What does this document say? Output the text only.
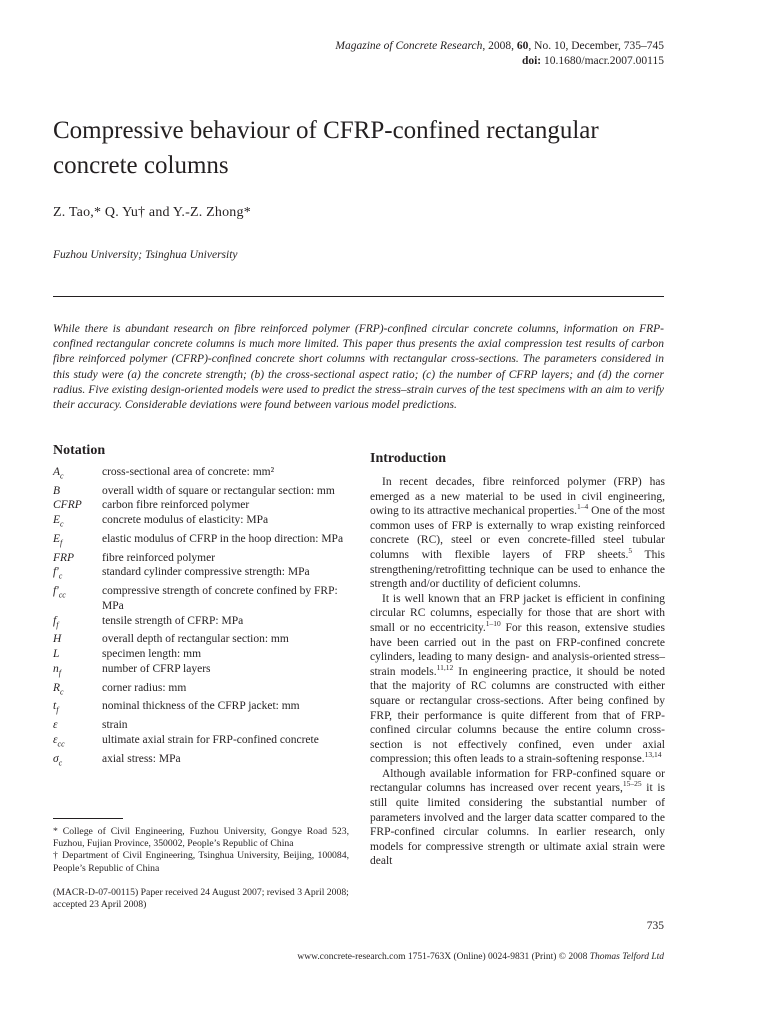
Magazine of Concrete Research, 2008, 60, No. 10, December, 735–745
doi: 10.1680/macr.2007.00115
Compressive behaviour of CFRP-confined rectangular concrete columns
Z. Tao,* Q. Yu† and Y.-Z. Zhong*
Fuzhou University; Tsinghua University

While there is abundant research on fibre reinforced polymer (FRP)-confined circular concrete columns, information on FRP-confined rectangular concrete columns is much more limited. This paper thus presents the axial compression test results of carbon fibre reinforced polymer (CFRP)-confined concrete short columns with rectangular cross-sections. The parameters considered in this study were (a) the concrete strength; (b) the cross-sectional aspect ratio; (c) the number of CFRP layers; and (d) the corner radius. Five existing design-oriented models were used to predict the stress–strain curves of the test specimens with an aim to verify their accuracy. Considerable deviations were found between various model predictions.

Notation
$A_c$	cross-sectional area of concrete: mm²
B	overall width of square or rectangular section: mm
CFRP	carbon fibre reinforced polymer
$E_c$	concrete modulus of elasticity: MPa
$E_f$	elastic modulus of CFRP in the hoop direction: MPa
FRP	fibre reinforced polymer
$f'_c$	standard cylinder compressive strength: MPa
$f'_{cc}$	compressive strength of concrete confined by FRP: MPa
$f_f$	tensile strength of CFRP: MPa
H	overall depth of rectangular section: mm
L	specimen length: mm
$n_f$	number of CFRP layers
$R_c$	corner radius: mm
$t_f$	nominal thickness of the CFRP jacket: mm
ε	strain
$\varepsilon_{cc}$	ultimate axial strain for FRP-confined concrete
$\sigma_c$	axial stress: MPa

* College of Civil Engineering, Fuzhou University, Gongye Road 523, Fuzhou, Fujian Province, 350002, People’s Republic of China

† Department of Civil Engineering, Tsinghua University, Beijing, 100084, People’s Republic of China

(MACR-D-07-00115) Paper received 24 August 2007; revised 3 April 2008; accepted 23 April 2008)

Introduction

In recent decades, fibre reinforced polymer (FRP) has emerged as a new material to be used in civil engineering, owing to its attractive mechanical properties.$^{1-4}$ One of the most common uses of FRP is externally to wrap existing reinforced concrete (RC), steel or even concrete-filled steel tubular columns with flexible layers of FRP sheets.$^5$ This strengthening/retrofitting technique can be used to enhance the strength and/or ductility of deficient columns.

It is well known that an FRP jacket is efficient in confining circular RC columns, especially for those that are short with small or no eccentricity.$^{1-10}$ For this reason, extensive studies have been carried out in the past on FRP-confined concrete cylinders, leading to many design- and analysis-oriented stress–strain models.$^{11,12}$ In engineering practice, it should be noted that the majority of RC columns are constructed with either square or rectangular cross-sections. After being confined by FRP, their performance is quite different from that of FRP-confined circular columns because the entire column cross-section is not effectively confined, even under axial compression; this often leads to a strain-softening response.$^{13,14}$

Although available information for FRP-confined square or rectangular columns has increased over recent years,$^{15-25}$ it is still quite limited considering the substantial number of parameters involved and the larger data scatter compared to the FRP-confined circular columns. In earlier research, only models for compressive strength or ultimate axial strain were dealt

735
www.concrete-research.com 1751-763X (Online) 0024-9831 (Print) © 2008 Thomas Telford Ltd
